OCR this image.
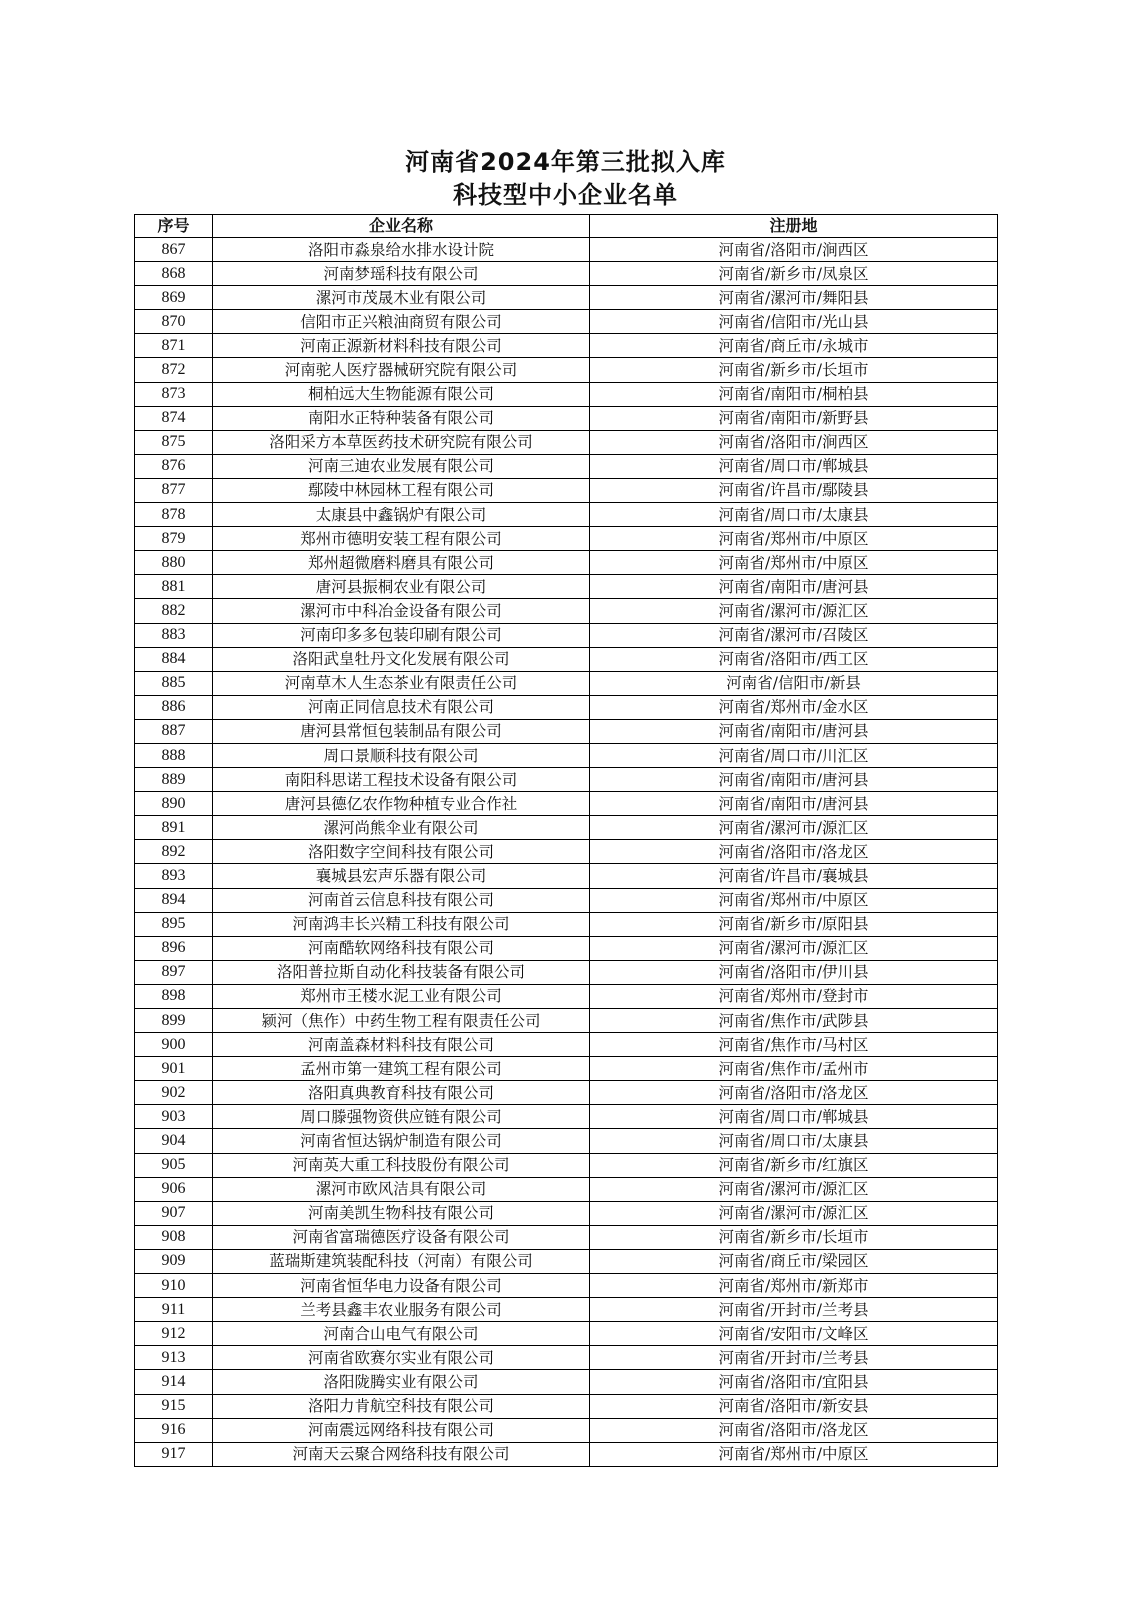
河南省2024年第三批拟入库
科技型中小企业名单
序号	企业名称	注册地
867	洛阳市淼泉给水排水设计院	河南省/洛阳市/涧西区
868	河南梦瑶科技有限公司	河南省/新乡市/凤泉区
869	漯河市茂晟木业有限公司	河南省/漯河市/舞阳县
870	信阳市正兴粮油商贸有限公司	河南省/信阳市/光山县
871	河南正源新材料科技有限公司	河南省/商丘市/永城市
872	河南驼人医疗器械研究院有限公司	河南省/新乡市/长垣市
873	桐柏远大生物能源有限公司	河南省/南阳市/桐柏县
874	南阳水正特种装备有限公司	河南省/南阳市/新野县
875	洛阳采方本草医药技术研究院有限公司	河南省/洛阳市/涧西区
876	河南三迪农业发展有限公司	河南省/周口市/郸城县
877	鄢陵中林园林工程有限公司	河南省/许昌市/鄢陵县
878	太康县中鑫锅炉有限公司	河南省/周口市/太康县
879	郑州市德明安装工程有限公司	河南省/郑州市/中原区
880	郑州超微磨料磨具有限公司	河南省/郑州市/中原区
881	唐河县振桐农业有限公司	河南省/南阳市/唐河县
882	漯河市中科冶金设备有限公司	河南省/漯河市/源汇区
883	河南印多多包装印刷有限公司	河南省/漯河市/召陵区
884	洛阳武皇牡丹文化发展有限公司	河南省/洛阳市/西工区
885	河南草木人生态茶业有限责任公司	河南省/信阳市/新县
886	河南正同信息技术有限公司	河南省/郑州市/金水区
887	唐河县常恒包装制品有限公司	河南省/南阳市/唐河县
888	周口景顺科技有限公司	河南省/周口市/川汇区
889	南阳科思诺工程技术设备有限公司	河南省/南阳市/唐河县
890	唐河县德亿农作物种植专业合作社	河南省/南阳市/唐河县
891	漯河尚熊伞业有限公司	河南省/漯河市/源汇区
892	洛阳数字空间科技有限公司	河南省/洛阳市/洛龙区
893	襄城县宏声乐器有限公司	河南省/许昌市/襄城县
894	河南首云信息科技有限公司	河南省/郑州市/中原区
895	河南鸿丰长兴精工科技有限公司	河南省/新乡市/原阳县
896	河南酷软网络科技有限公司	河南省/漯河市/源汇区
897	洛阳普拉斯自动化科技装备有限公司	河南省/洛阳市/伊川县
898	郑州市王楼水泥工业有限公司	河南省/郑州市/登封市
899	颍河（焦作）中药生物工程有限责任公司	河南省/焦作市/武陟县
900	河南盖森材料科技有限公司	河南省/焦作市/马村区
901	孟州市第一建筑工程有限公司	河南省/焦作市/孟州市
902	洛阳真典教育科技有限公司	河南省/洛阳市/洛龙区
903	周口滕强物资供应链有限公司	河南省/周口市/郸城县
904	河南省恒达锅炉制造有限公司	河南省/周口市/太康县
905	河南英大重工科技股份有限公司	河南省/新乡市/红旗区
906	漯河市欧风洁具有限公司	河南省/漯河市/源汇区
907	河南美凯生物科技有限公司	河南省/漯河市/源汇区
908	河南省富瑞德医疗设备有限公司	河南省/新乡市/长垣市
909	蓝瑞斯建筑装配科技（河南）有限公司	河南省/商丘市/梁园区
910	河南省恒华电力设备有限公司	河南省/郑州市/新郑市
911	兰考县鑫丰农业服务有限公司	河南省/开封市/兰考县
912	河南合山电气有限公司	河南省/安阳市/文峰区
913	河南省欧赛尔实业有限公司	河南省/开封市/兰考县
914	洛阳陇腾实业有限公司	河南省/洛阳市/宜阳县
915	洛阳力肯航空科技有限公司	河南省/洛阳市/新安县
916	河南震远网络科技有限公司	河南省/洛阳市/洛龙区
917	河南天云聚合网络科技有限公司	河南省/郑州市/中原区
